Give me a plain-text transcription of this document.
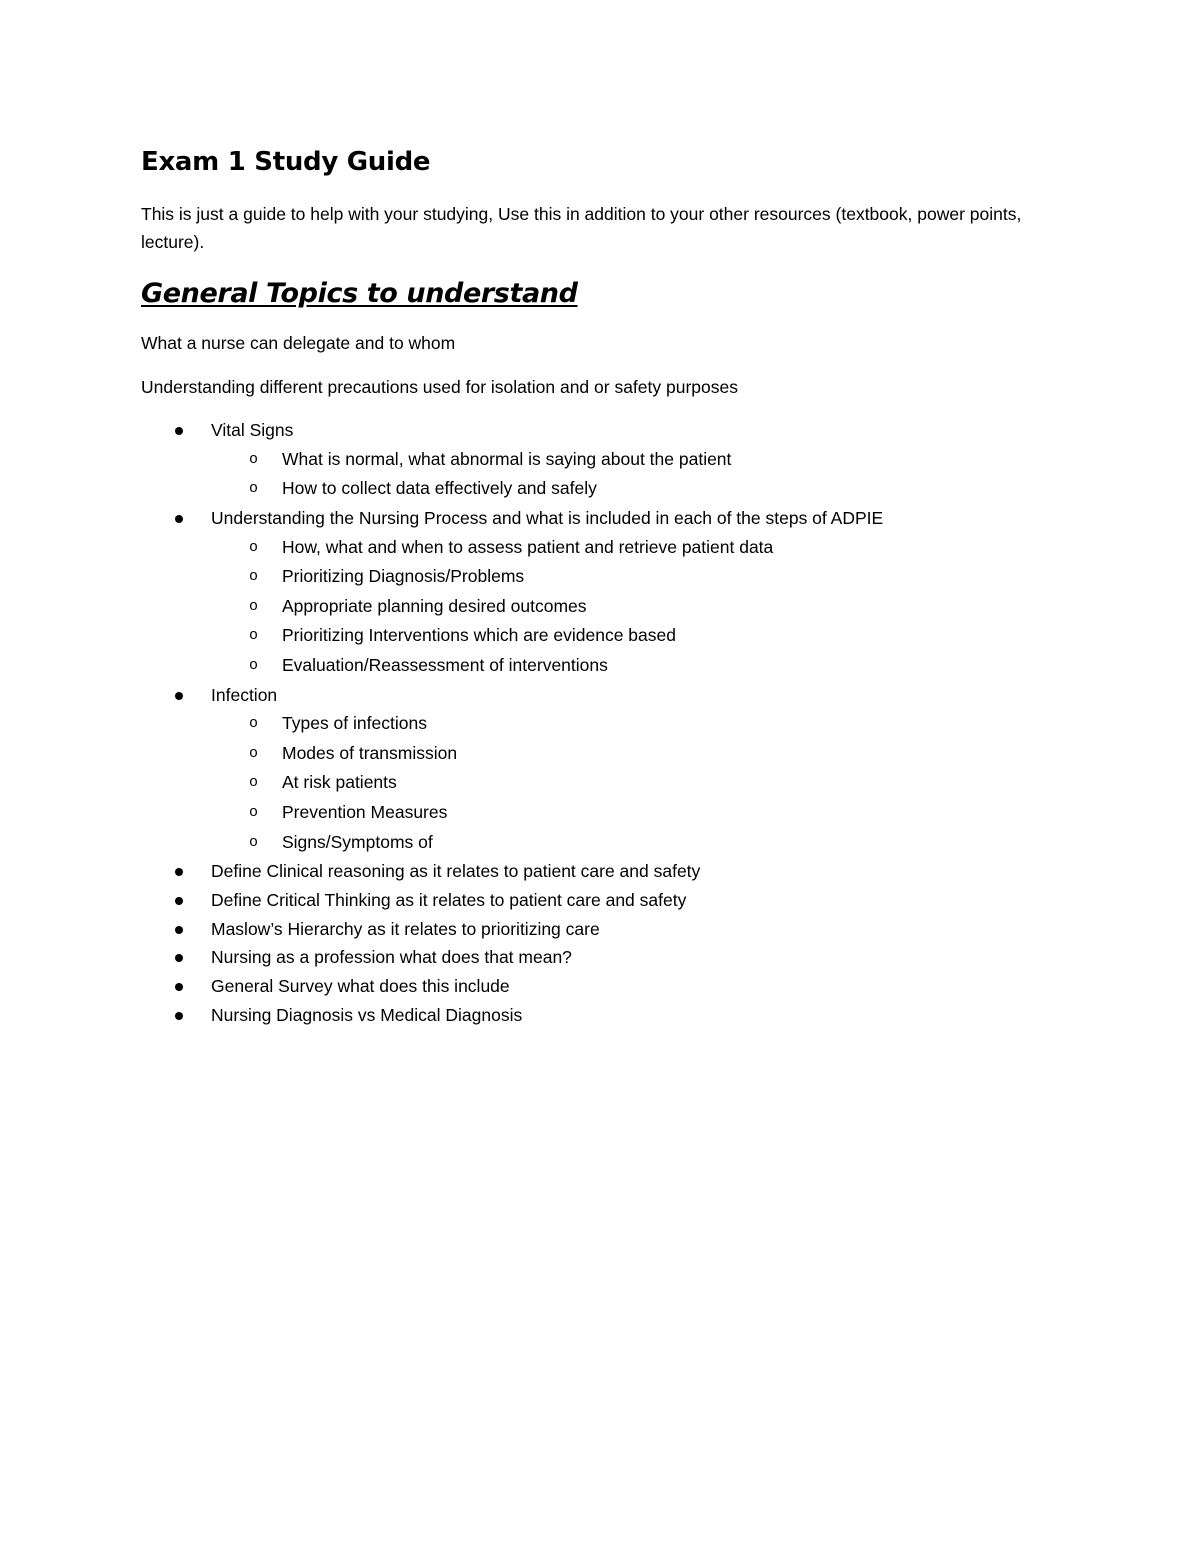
Exam 1 Study Guide

This is just a guide to help with your studying, Use this in addition to your other resources (textbook, power points, lecture).

General Topics to understand

What a nurse can delegate and to whom

Understanding different precautions used for isolation and or safety purposes

Vital Signs
o What is normal, what abnormal is saying about the patient
o How to collect data effectively and safely
Understanding the Nursing Process and what is included in each of the steps of ADPIE
o How, what and when to assess patient and retrieve patient data
o Prioritizing Diagnosis/Problems
o Appropriate planning desired outcomes
o Prioritizing Interventions which are evidence based
o Evaluation/Reassessment of interventions
Infection
o Types of infections
o Modes of transmission
o At risk patients
o Prevention Measures
o Signs/Symptoms of
Define Clinical reasoning as it relates to patient care and safety
Define Critical Thinking as it relates to patient care and safety
Maslow’s Hierarchy as it relates to prioritizing care
Nursing as a profession what does that mean?
General Survey what does this include
Nursing Diagnosis vs Medical Diagnosis
